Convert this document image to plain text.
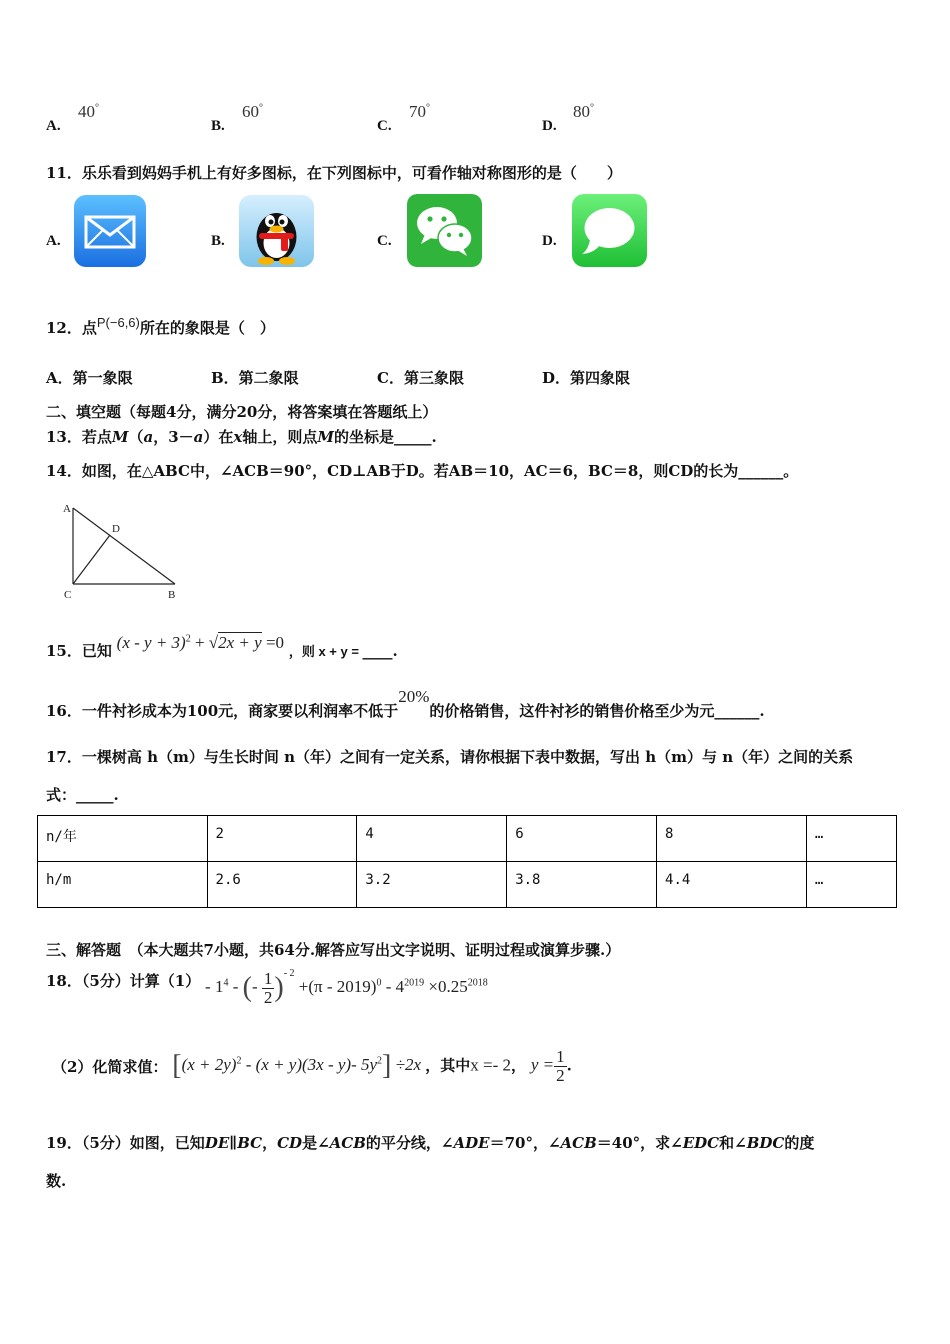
A.
40°
B.
60°
C.
70°
D.
80°
11．乐乐看到妈妈手机上有好多图标，在下列图标中，可看作轴对称图形的是（　　）
A.	B.	C.	D.
12．点P(−6,6)所在的象限是（　）
A．第一象限	B．第二象限	C．第三象限	D．第四象限
二、填空题（每题4分，满分20分，将答案填在答题纸上）
13．若点M（a，3－a）在x轴上，则点M的坐标是_____.
14．如图，在△ABC中，∠ACB＝90°，CD⊥AB于D。若AB＝10，AC＝6，BC＝8，则CD的长为______。
A
D
C	B
15．已知 $(x - y + 3)^2 + √2x + y =0$ ，则 x + y = ____.
16．一件衬衫成本为100元，商家要以利润率不低于20%的价格销售，这件衬衫的销售价格至少为元______.
17．一棵树高 h（m）与生长时间 n（年）之间有一定关系，请你根据下表中数据，写出 h（m）与 n（年）之间的关系
式：_____.
n/年	2	4	6	8	…
h/m	2.6	3.2	3.8	4.4	…
三、解答题　（本大题共7小题，共64分.解答应写出文字说明、证明过程或演算步骤.）
18．（5分）计算$(1) - 1^4$ - (- $\frac{1}{2} )^{- 2} +(\pi - 2019)^0 - 4^{2019} \times 0.25^{2018}$
（2）化简求值： [$(x + 2y)^2 - (x + y)(3x - y)-$ $5y^2] \div 2x$ ，其中x =- 2， $y = \frac{1}{2}$ .
19．（5分）如图，已知DE∥BC，CD是∠ACB的平分线，∠ADE＝70°，∠ACB＝40°，求∠EDC和∠BDC的度
数.
